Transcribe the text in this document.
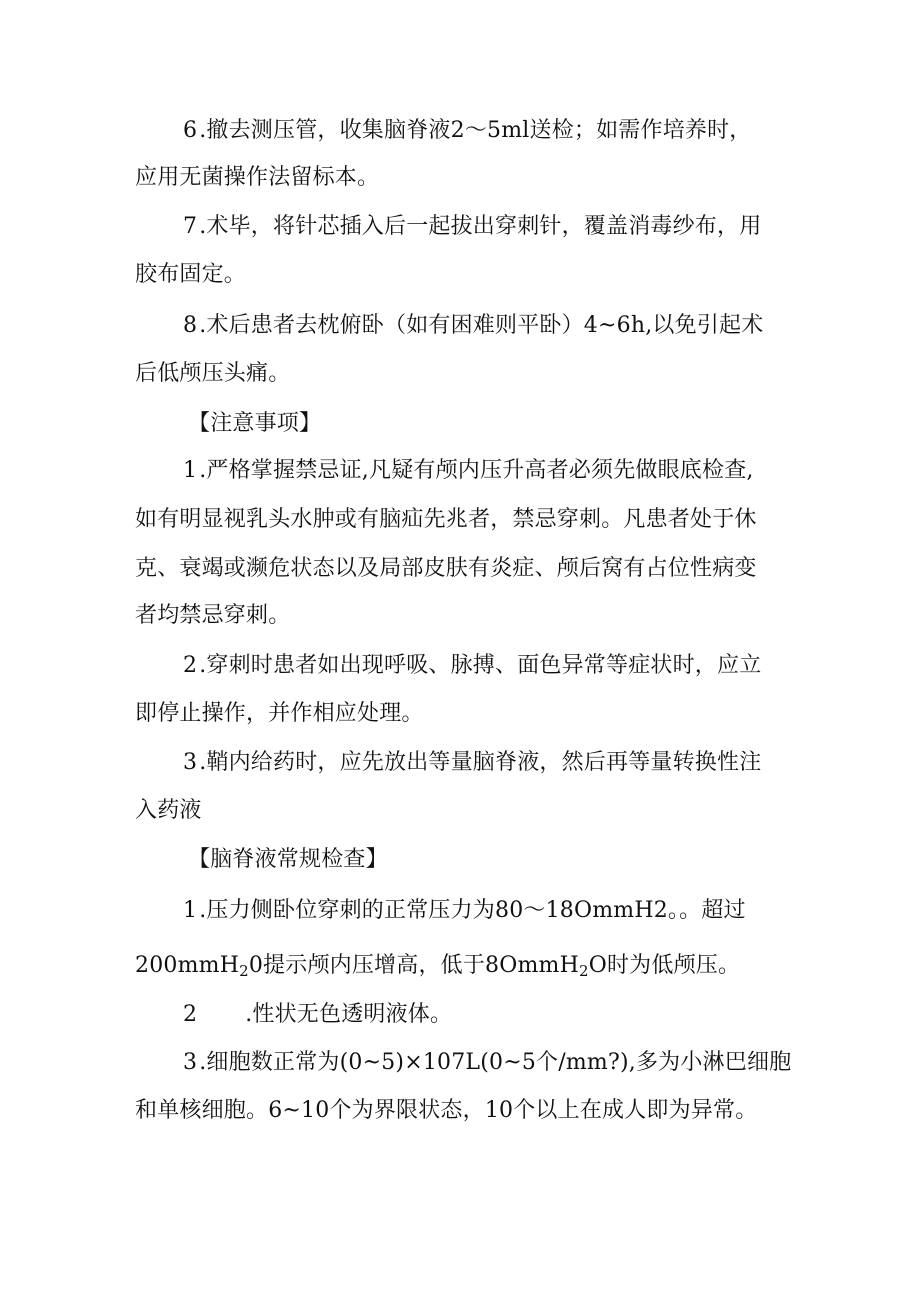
6.撤去测压管，收集脑脊液2～5ml送检；如需作培养时，
应用无菌操作法留标本。
7.术毕，将针芯插入后一起拔出穿刺针，覆盖消毒纱布，用
胶布固定。
8.术后患者去枕俯卧（如有困难则平卧）4~6h,以免引起术
后低颅压头痛。
【注意事项】
1.严格掌握禁忌证,凡疑有颅内压升高者必须先做眼底检查,
如有明显视乳头水肿或有脑疝先兆者，禁忌穿刺。凡患者处于休
克、衰竭或濒危状态以及局部皮肤有炎症、颅后窝有占位性病变
者均禁忌穿刺。
2.穿刺时患者如出现呼吸、脉搏、面色异常等症状时，应立
即停止操作，并作相应处理。
3.鞘内给药时，应先放出等量脑脊液，然后再等量转换性注
入药液
【脑脊液常规检查】
1.压力侧卧位穿刺的正常压力为80～18OmmH2。。超过
200mmH$_2$0提示颅内压增高，低于8OmmH$_2$O时为低颅压。
2 .性状无色透明液体。
3.细胞数正常为(0~5)×107L(0~5个/mm?),多为小淋巴细胞
和单核细胞。6~10个为界限状态，10个以上在成人即为异常。
